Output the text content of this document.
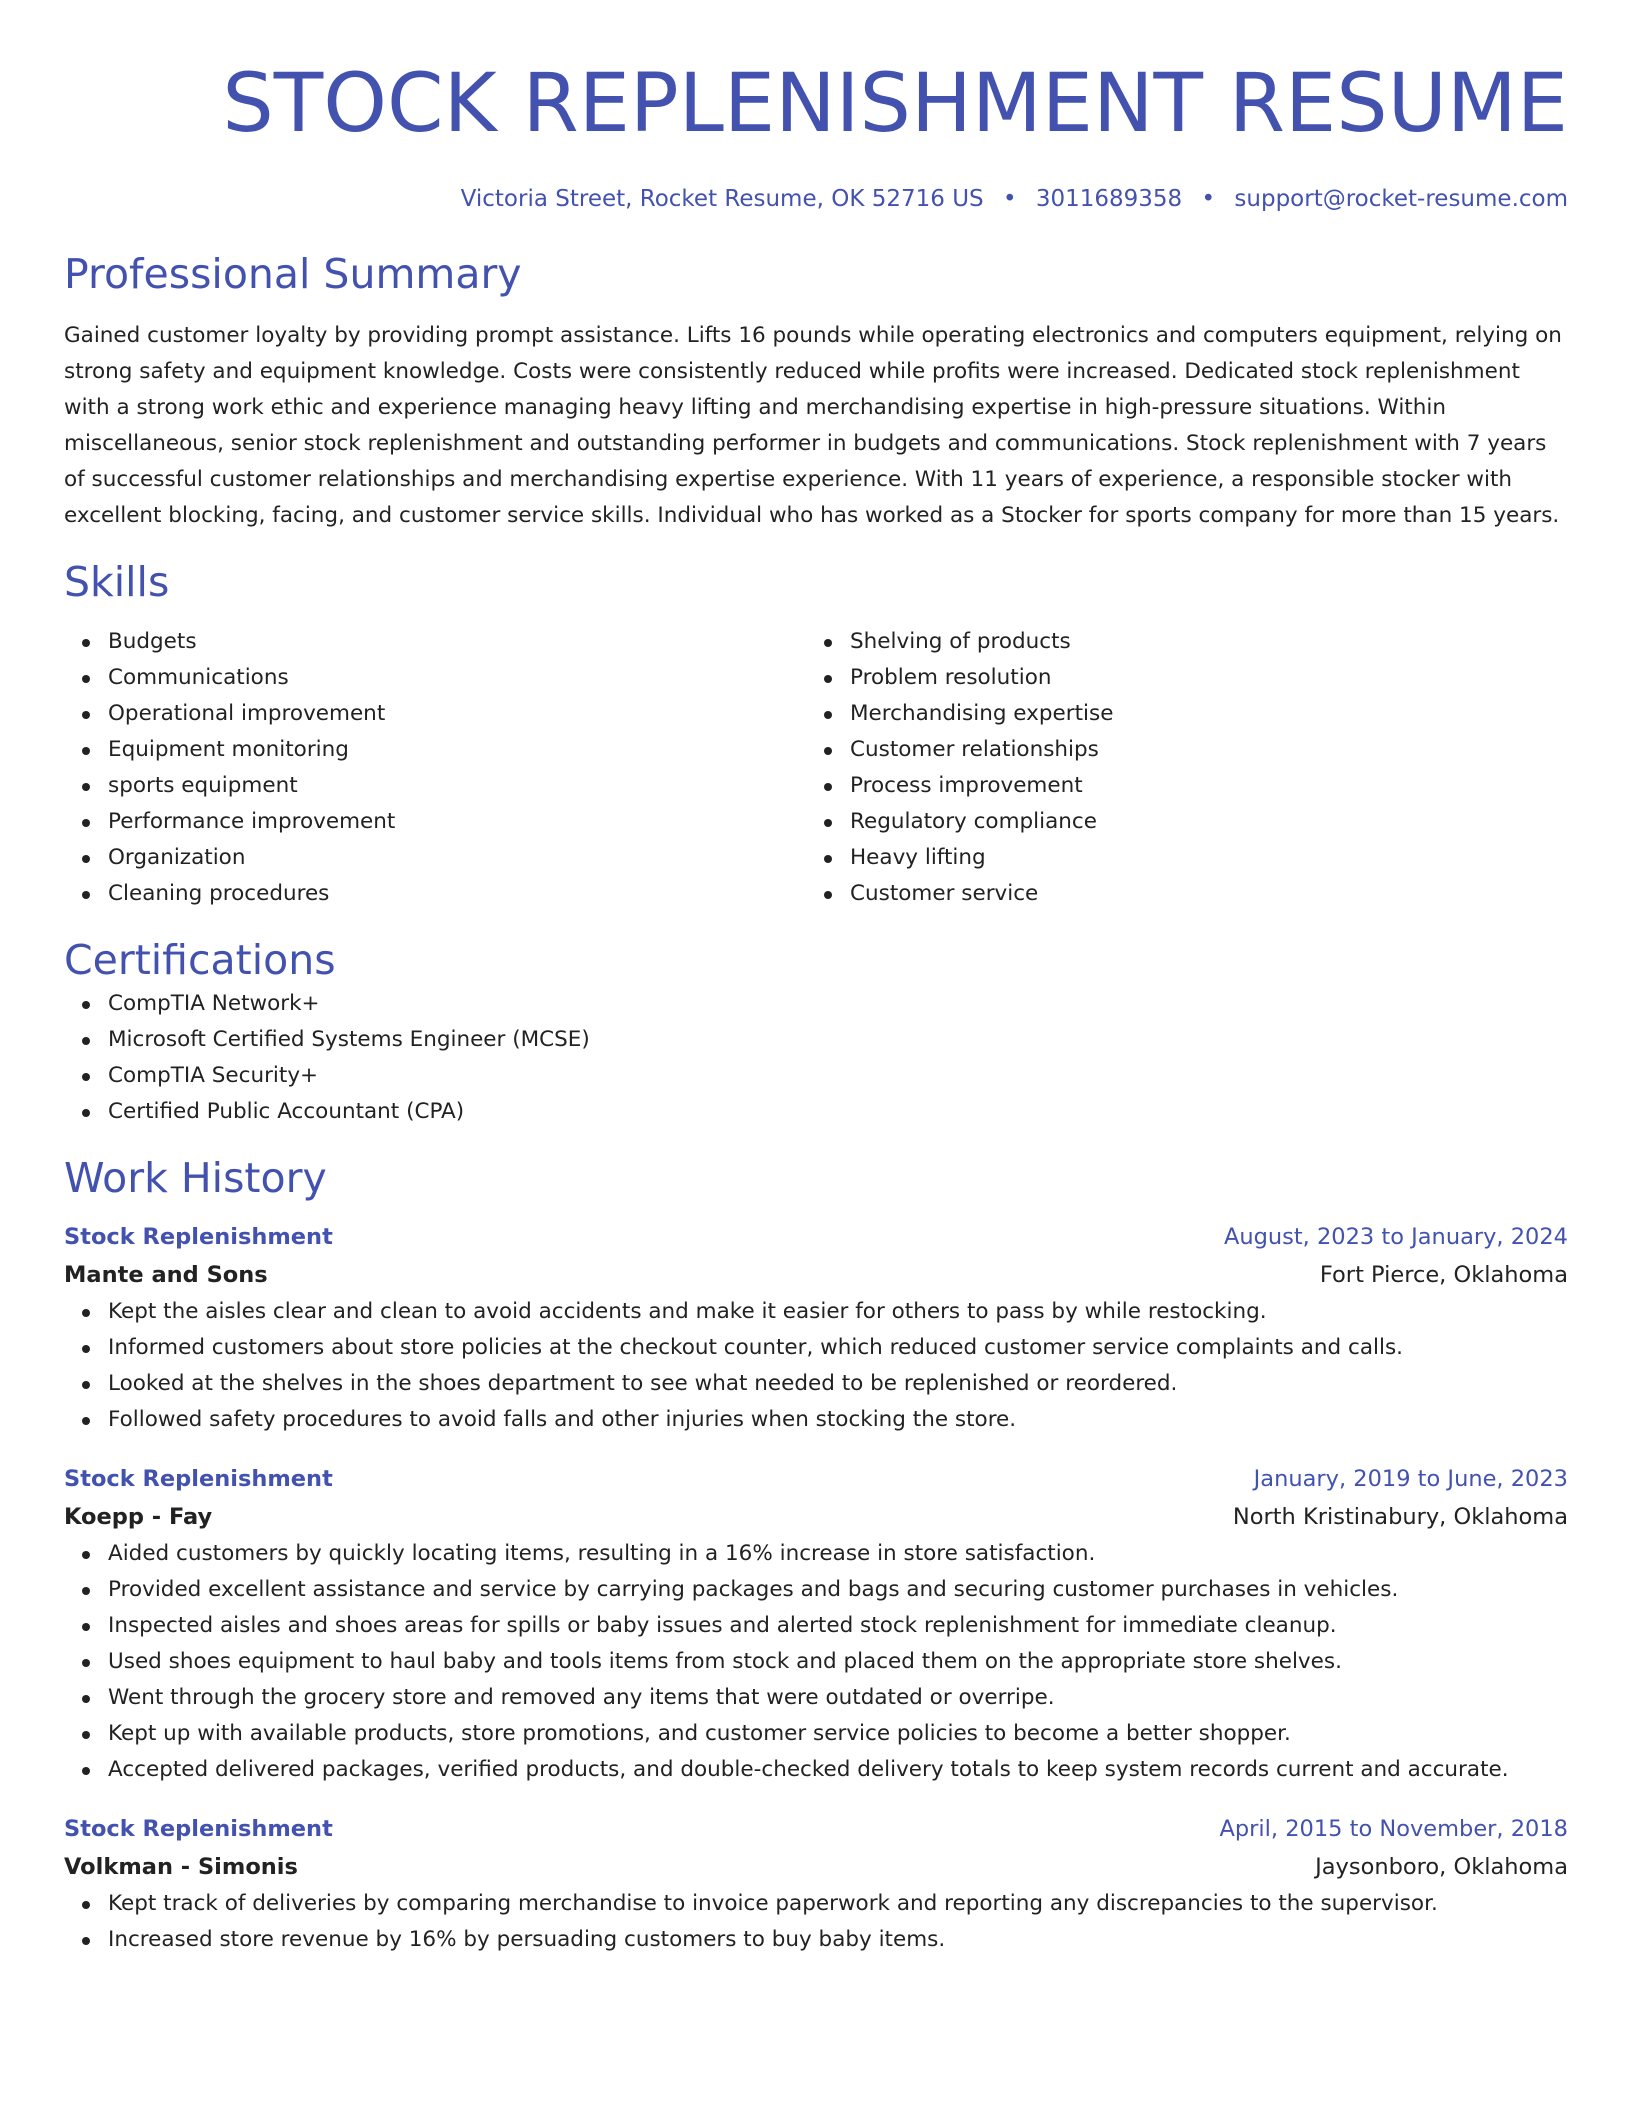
STOCK REPLENISHMENT RESUME
Victoria Street, Rocket Resume, OK 52716 US • 3011689358 • support@rocket-resume.com
Professional Summary

Gained customer loyalty by providing prompt assistance. Lifts 16 pounds while operating electronics and computers equipment, relying on strong safety and equipment knowledge. Costs were consistently reduced while profits were increased. Dedicated stock replenishment with a strong work ethic and experience managing heavy lifting and merchandising expertise in high-pressure situations. Within miscellaneous, senior stock replenishment and outstanding performer in budgets and communications. Stock replenishment with 7 years of successful customer relationships and merchandising expertise experience. With 11 years of experience, a responsible stocker with excellent blocking, facing, and customer service skills. Individual who has worked as a Stocker for sports company for more than 15 years.

Skills
Budgets
Communications
Operational improvement
Equipment monitoring
sports equipment
Performance improvement
Organization
Cleaning procedures
Shelving of products
Problem resolution
Merchandising expertise
Customer relationships
Process improvement
Regulatory compliance
Heavy lifting
Customer service
Certifications
CompTIA Network+
Microsoft Certified Systems Engineer (MCSE)
CompTIA Security+
Certified Public Accountant (CPA)
Work History
Stock Replenishment	August, 2023 to January, 2024
Mante and Sons	Fort Pierce, Oklahoma
Kept the aisles clear and clean to avoid accidents and make it easier for others to pass by while restocking.
Informed customers about store policies at the checkout counter, which reduced customer service complaints and calls.
Looked at the shelves in the shoes department to see what needed to be replenished or reordered.
Followed safety procedures to avoid falls and other injuries when stocking the store.
Stock Replenishment	January, 2019 to June, 2023
Koepp - Fay	North Kristinabury, Oklahoma
Aided customers by quickly locating items, resulting in a 16% increase in store satisfaction.
Provided excellent assistance and service by carrying packages and bags and securing customer purchases in vehicles.
Inspected aisles and shoes areas for spills or baby issues and alerted stock replenishment for immediate cleanup.
Used shoes equipment to haul baby and tools items from stock and placed them on the appropriate store shelves.
Went through the grocery store and removed any items that were outdated or overripe.
Kept up with available products, store promotions, and customer service policies to become a better shopper.
Accepted delivered packages, verified products, and double-checked delivery totals to keep system records current and accurate.
Stock Replenishment	April, 2015 to November, 2018
Volkman - Simonis	Jaysonboro, Oklahoma
Kept track of deliveries by comparing merchandise to invoice paperwork and reporting any discrepancies to the supervisor.
Increased store revenue by 16% by persuading customers to buy baby items.
